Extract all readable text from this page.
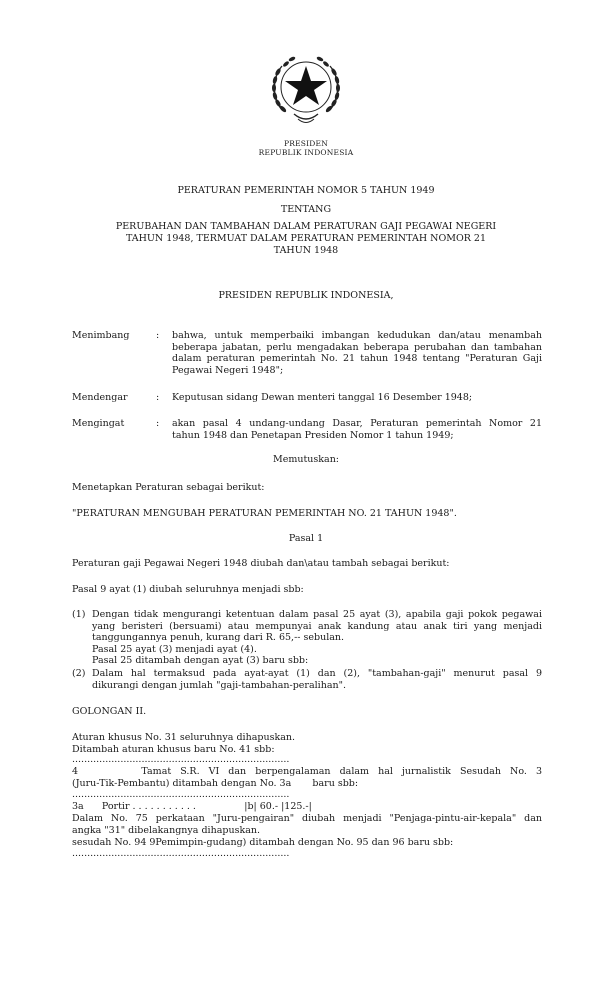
PRESIDEN
REPUBLIK INDONESIA
PERATURAN PEMERINTAH NOMOR 5 TAHUN 1949
TENTANG
PERUBAHAN DAN TAMBAHAN DALAM PERATURAN GAJI PEGAWAI NEGERI
TAHUN 1948, TERMUAT DALAM PERATURAN PEMERINTAH NOMOR 21
TAHUN 1948
PRESIDEN REPUBLIK INDONESIA,
Menimbang	:	bahwa, untuk memperbaiki imbangan kedudukan dan/atau menambah
beberapa jabatan, perlu mengadakan beberapa perubahan dan tambahan
dalam peraturan pemerintah No. 21 tahun 1948 tentang "Peraturan Gaji
Pegawai Negeri 1948";
Mendengar	:	Keputusan sidang Dewan menteri tanggal 16 Desember 1948;
Mengingat	:	akan pasal 4 undang-undang Dasar, Peraturan pemerintah Nomor 21
tahun 1948 dan Penetapan Presiden Nomor 1 tahun 1949;
Memutuskan:
Menetapkan Peraturan sebagai berikut:
"PERATURAN MENGUBAH PERATURAN PEMERINTAH NO. 21 TAHUN 1948".
Pasal 1
Peraturan gaji Pegawai Negeri 1948 diubah dan\atau tambah sebagai berikut:
Pasal 9 ayat (1) diubah seluruhnya menjadi sbb:
(1) Dengan tidak mengurangi ketentuan dalam pasal 25 ayat (3), apabila gaji pokok pegawai
yang beristeri (bersuami) atau mempunyai anak kandung atau anak tiri yang menjadi
tanggungannya penuh, kurang dari R. 65,-- sebulan.
Pasal 25 ayat (3) menjadi ayat (4).
Pasal 25 ditambah dengan ayat (3) baru sbb:
(2) Dalam hal termaksud pada ayat-ayat (1) dan (2), "tambahan-gaji" menurut pasal 9
dikurangi dengan jumlah "gaji-tambahan-peralihan".
GOLONGAN II.
Aturan khusus No. 31 seluruhnya dihapuskan.
Ditambah aturan khusus baru No. 41 sbb:
........................................................................
4       Tamat S.R. VI dan berpengalaman dalam hal jurnalistik Sesudah No. 3
(Juru-Tik-Pembantu) ditambah dengan No. 3a       baru sbb:
........................................................................
3a      Portir . . . . . . . . . . .                |b| 60.- |125.-|
Dalam No. 75 perkataan "Juru-pengairan" diubah menjadi "Penjaga-pintu-air-kepala" dan
angka "31" dibelakangnya dihapuskan.
sesudah No. 94 9Pemimpin-gudang) ditambah dengan No. 95 dan 96 baru sbb:
........................................................................
